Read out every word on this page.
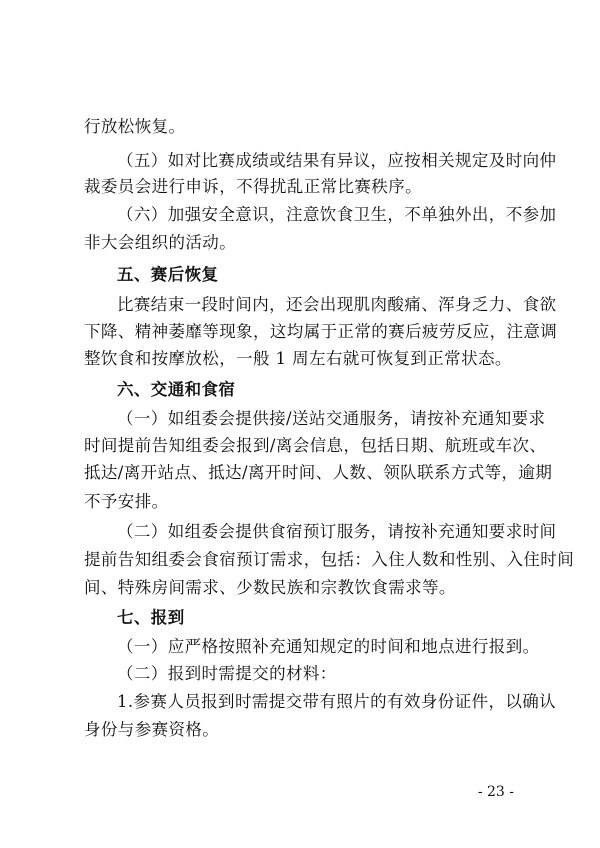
行放松恢复。
（五）如对比赛成绩或结果有异议，应按相关规定及时向仲
裁委员会进行申诉，不得扰乱正常比赛秩序。
（六）加强安全意识，注意饮食卫生，不单独外出，不参加
非大会组织的活动。
五、赛后恢复
比赛结束一段时间内，还会出现肌肉酸痛、浑身乏力、食欲
下降、精神萎靡等现象，这均属于正常的赛后疲劳反应，注意调
整饮食和按摩放松，一般 1 周左右就可恢复到正常状态。
六、交通和食宿
（一）如组委会提供接/送站交通服务，请按补充通知要求
时间提前告知组委会报到/离会信息，包括日期、航班或车次、
抵达/离开站点、抵达/离开时间、人数、领队联系方式等，逾期
不予安排。
（二）如组委会提供食宿预订服务，请按补充通知要求时间
提前告知组委会食宿预订需求，包括：入住人数和性别、入住时间
间、特殊房间需求、少数民族和宗教饮食需求等。
七、报到
（一）应严格按照补充通知规定的时间和地点进行报到。
（二）报到时需提交的材料：
1.参赛人员报到时需提交带有照片的有效身份证件，以确认
身份与参赛资格。
- 23 -
